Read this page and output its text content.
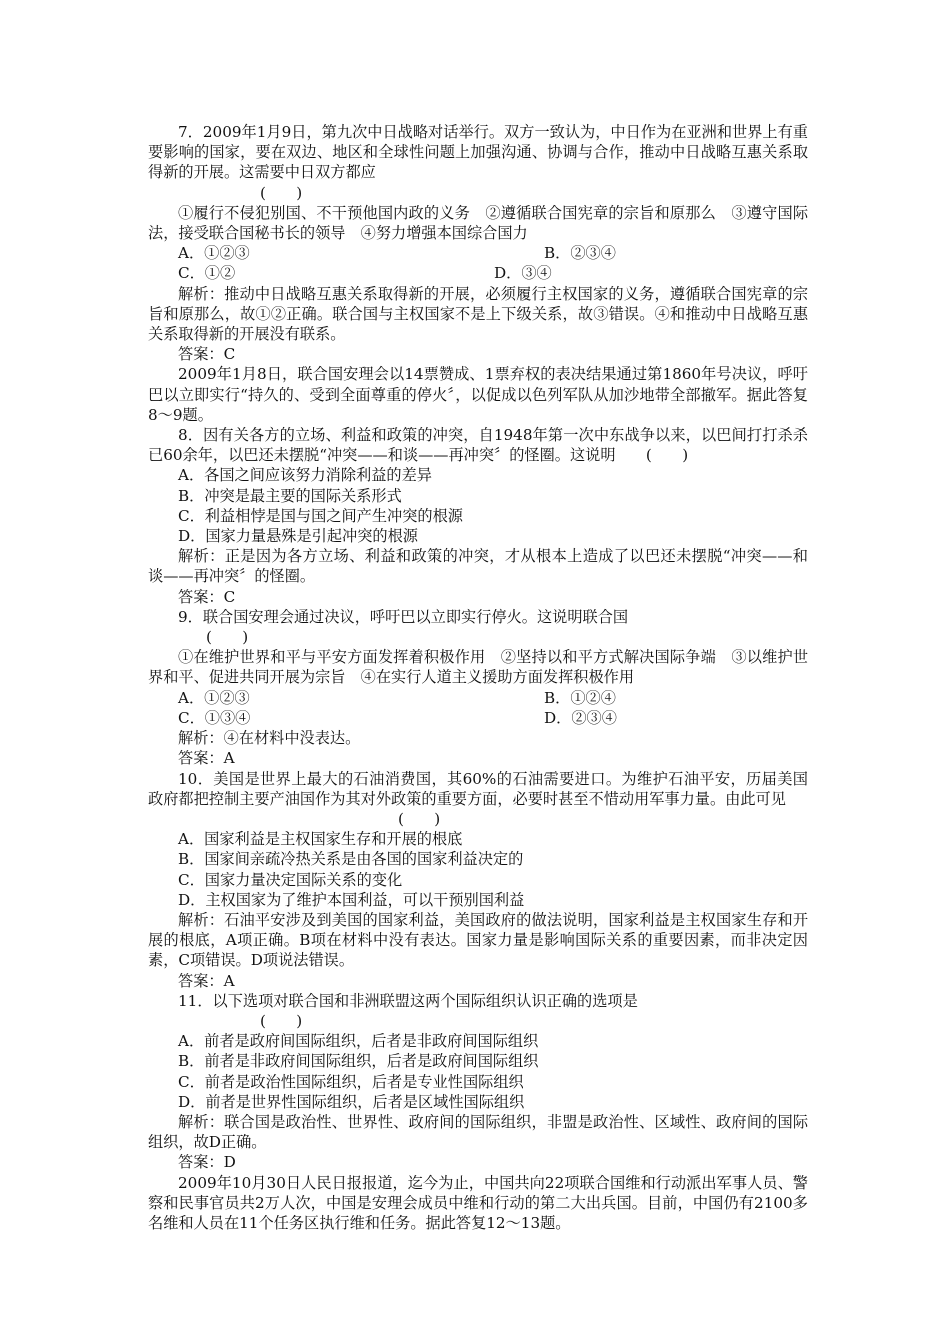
7．2009年1月9日，第九次中日战略对话举行。双方一致认为，中日作为在亚洲和世界上有重要影响的国家，要在双边、地区和全球性问题上加强沟通、协调与合作，推动中日战略互惠关系取得新的开展。这需要中日双方都应

(　　)

①履行不侵犯别国、不干预他国内政的义务　②遵循联合国宪章的宗旨和原那么　③遵守国际法，接受联合国秘书长的领导　④努力增强本国综合国力

A．①②③	B．②③④
C．①②	D．③④

解析：推动中日战略互惠关系取得新的开展，必须履行主权国家的义务，遵循联合国宪章的宗旨和原那么，故①②正确。联合国与主权国家不是上下级关系，故③错误。④和推动中日战略互惠关系取得新的开展没有联系。

答案：C

2009年1月8日，联合国安理会以14票赞成、1票弃权的表决结果通过第1860年号决议，呼吁巴以立即实行“持久的、受到全面尊重的停火〞，以促成以色列军队从加沙地带全部撤军。据此答复8～9题。

8．因有关各方的立场、利益和政策的冲突，自1948年第一次中东战争以来，以巴间打打杀杀已60余年，以巴还未摆脱“冲突——和谈——再冲突〞的怪圈。这说明　　(　　)

A．各国之间应该努力消除利益的差异

B．冲突是最主要的国际关系形式

C．利益相悖是国与国之间产生冲突的根源

D．国家力量悬殊是引起冲突的根源

解析：正是因为各方立场、利益和政策的冲突，才从根本上造成了以巴还未摆脱“冲突——和谈——再冲突〞的怪圈。

答案：C

9．联合国安理会通过决议，呼吁巴以立即实行停火。这说明联合国

(　　)

①在维护世界和平与平安方面发挥着积极作用　②坚持以和平方式解决国际争端　③以维护世界和平、促进共同开展为宗旨　④在实行人道主义援助方面发挥积极作用

A．①②③	B．①②④
C．①③④	D．②③④

解析：④在材料中没表达。

答案：A

10．美国是世界上最大的石油消费国，其60%的石油需要进口。为维护石油平安，历届美国政府都把控制主要产油国作为其对外政策的重要方面，必要时甚至不惜动用军事力量。由此可见

(　　)

A．国家利益是主权国家生存和开展的根底

B．国家间亲疏冷热关系是由各国的国家利益决定的

C．国家力量决定国际关系的变化

D．主权国家为了维护本国利益，可以干预别国利益

解析：石油平安涉及到美国的国家利益，美国政府的做法说明，国家利益是主权国家生存和开展的根底，A项正确。B项在材料中没有表达。国家力量是影响国际关系的重要因素，而非决定因素，C项错误。D项说法错误。

答案：A

11．以下选项对联合国和非洲联盟这两个国际组织认识正确的选项是

(　　)

A．前者是政府间国际组织，后者是非政府间国际组织

B．前者是非政府间国际组织，后者是政府间国际组织

C．前者是政治性国际组织，后者是专业性国际组织

D．前者是世界性国际组织，后者是区域性国际组织

解析：联合国是政治性、世界性、政府间的国际组织，非盟是政治性、区域性、政府间的国际组织，故D正确。

答案：D

2009年10月30日人民日报报道，迄今为止，中国共向22项联合国维和行动派出军事人员、警察和民事官员共2万人次，中国是安理会成员中维和行动的第二大出兵国。目前，中国仍有2100多名维和人员在11个任务区执行维和任务。据此答复12～13题。
